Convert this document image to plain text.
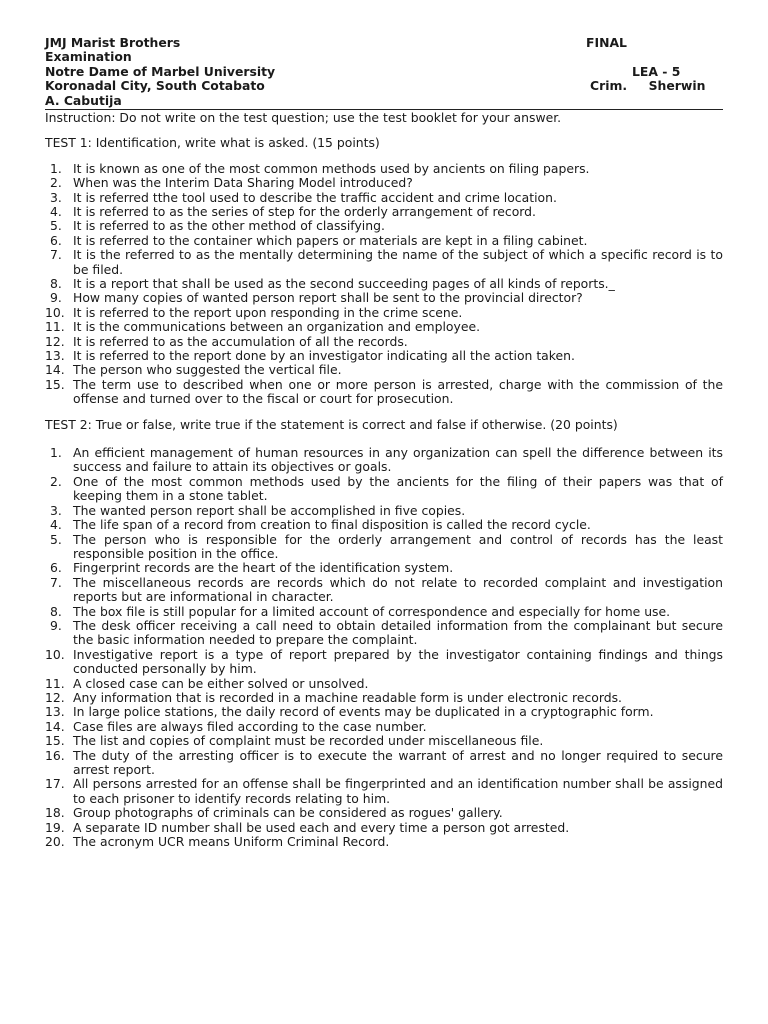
JMJ Marist Brothers	FINAL
Examination
Notre Dame of Marbel University	LEA - 5
Koronadal City, South Cotabato	Crim.     Sherwin
A. Cabutija
Instruction: Do not write on the test question; use the test booklet for your answer.
TEST 1: Identification, write what is asked. (15 points)
1. It is known as one of the most common methods used by ancients on filing papers.
2. When was the Interim Data Sharing Model introduced?
3. It is referred tthe tool used to describe the traffic accident and crime location.
4. It is referred to as the series of step for the orderly arrangement of record.
5. It is referred to as the other method of classifying.
6. It is referred to the container which papers or materials are kept in a filing cabinet.
7. It is the referred to as the mentally determining the name of the subject of which a specific record is to be filed.
8. It is a report that shall be used as the second succeeding pages of all kinds of reports._
9. How many copies of wanted person report shall be sent to the provincial director?
10. It is referred to the report upon responding in the crime scene.
11. It is the communications between an organization and employee.
12. It is referred to as the accumulation of all the records.
13. It is referred to the report done by an investigator indicating all the action taken.
14. The person who suggested the vertical file.
15. The term use to described when one or more person is arrested, charge with the commission of the offense and turned over to the fiscal or court for prosecution.
TEST 2: True or false, write true if the statement is correct and false if otherwise. (20 points)
1. An efficient management of human resources in any organization can spell the difference between its success and failure to attain its objectives or goals.
2. One of the most common methods used by the ancients for the filing of their papers was that of keeping them in a stone tablet.
3. The wanted person report shall be accomplished in five copies.
4. The life span of a record from creation to final disposition is called the record cycle.
5. The person who is responsible for the orderly arrangement and control of records has the least responsible position in the office.
6. Fingerprint records are the heart of the identification system.
7. The miscellaneous records are records which do not relate to recorded complaint and investigation reports but are informational in character.
8. The box file is still popular for a limited account of correspondence and especially for home use.
9. The desk officer receiving a call need to obtain detailed information from the complainant but secure the basic information needed to prepare the complaint.
10. Investigative report is a type of report prepared by the investigator containing findings and things conducted personally by him.
11. A closed case can be either solved or unsolved.
12. Any information that is recorded in a machine readable form is under electronic records.
13. In large police stations, the daily record of events may be duplicated in a cryptographic form.
14. Case files are always filed according to the case number.
15. The list and copies of complaint must be recorded under miscellaneous file.
16. The duty of the arresting officer is to execute the warrant of arrest and no longer required to secure arrest report.
17. All persons arrested for an offense shall be fingerprinted and an identification number shall be assigned to each prisoner to identify records relating to him.
18. Group photographs of criminals can be considered as rogues' gallery.
19. A separate ID number shall be used each and every time a person got arrested.
20. The acronym UCR means Uniform Criminal Record.
